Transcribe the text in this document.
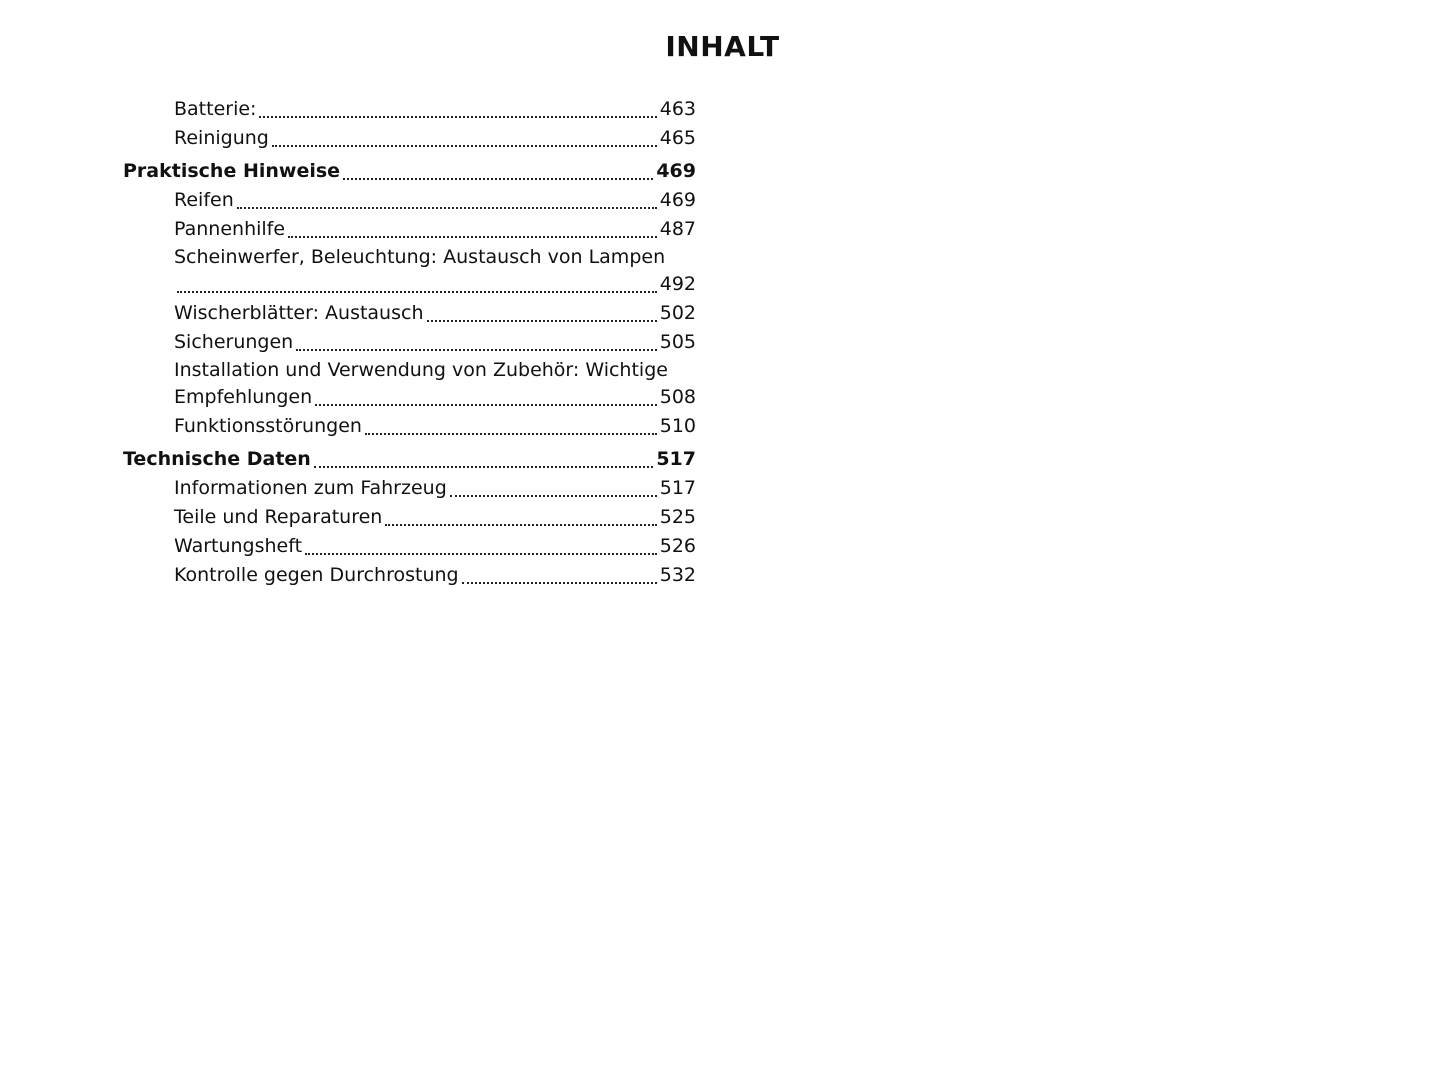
INHALT
Batterie:	463
Reinigung	465
Praktische Hinweise	469
Reifen	469
Pannenhilfe	487
Scheinwerfer, Beleuchtung: Austausch von Lampen
492
Wischerblätter: Austausch	502
Sicherungen	505
Installation und Verwendung von Zubehör: Wichtige
Empfehlungen	508
Funktionsstörungen	510
Technische Daten	517
Informationen zum Fahrzeug	517
Teile und Reparaturen	525
Wartungsheft	526
Kontrolle gegen Durchrostung	532
